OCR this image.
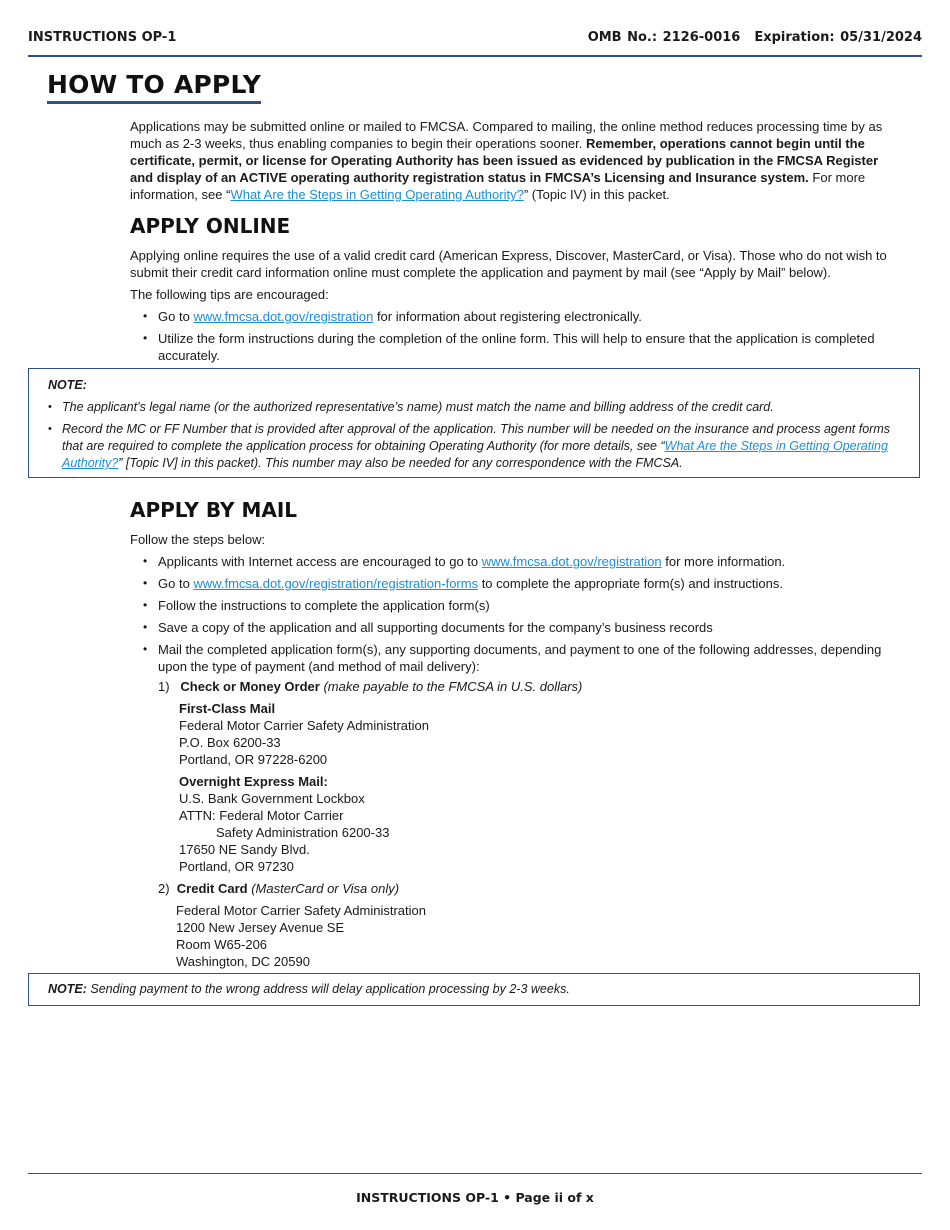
INSTRUCTIONS OP-1	OMB No.: 2126-0016 Expiration: 05/31/2024
HOW TO APPLY

Applications may be submitted online or mailed to FMCSA. Compared to mailing, the online method reduces processing time by as much as 2-3 weeks, thus enabling companies to begin their operations sooner. Remember, operations cannot begin until the certificate, permit, or license for Operating Authority has been issued as evidenced by publication in the FMCSA Register and display of an ACTIVE operating authority registration status in FMCSA’s Licensing and Insurance system. For more information, see “What Are the Steps in Getting Operating Authority?” (Topic IV) in this packet.

APPLY ONLINE

Applying online requires the use of a valid credit card (American Express, Discover, MasterCard, or Visa). Those who do not wish to submit their credit card information online must complete the application and payment by mail (see “Apply by Mail” below).

The following tips are encouraged:

• Go to www.fmcsa.dot.gov/registration for information about registering electronically.
• Utilize the form instructions during the completion of the online form. This will help to ensure that the application is completed accurately.
NOTE:
• The applicant’s legal name (or the authorized representative’s name) must match the name and billing address of the credit card.
• Record the MC or FF Number that is provided after approval of the application. This number will be needed on the insurance and process agent forms that are required to complete the application process for obtaining Operating Authority (for more details, see “What Are the Steps in Getting Operating Authority?” [Topic IV] in this packet). This number may also be needed for any correspondence with the FMCSA.
APPLY BY MAIL

Follow the steps below:

• Applicants with Internet access are encouraged to go to www.fmcsa.dot.gov/registration for more information.
• Go to www.fmcsa.dot.gov/registration/registration-forms to complete the appropriate form(s) and instructions.
• Follow the instructions to complete the application form(s)
• Save a copy of the application and all supporting documents for the company’s business records
• Mail the completed application form(s), any supporting documents, and payment to one of the following addresses, depending upon the type of payment (and method of mail delivery):
1) Check or Money Order (make payable to the FMCSA in U.S. dollars)
First-Class Mail
Federal Motor Carrier Safety Administration
P.O. Box 6200-33
Portland, OR 97228-6200
Overnight Express Mail:
U.S. Bank Government Lockbox
ATTN: Federal Motor Carrier
Safety Administration 6200-33
17650 NE Sandy Blvd.
Portland, OR 97230
2) Credit Card (MasterCard or Visa only)
Federal Motor Carrier Safety Administration
1200 New Jersey Avenue SE
Room W65-206
Washington, DC 20590
NOTE: Sending payment to the wrong address will delay application processing by 2-3 weeks.
INSTRUCTIONS OP-1 • Page ii of x
